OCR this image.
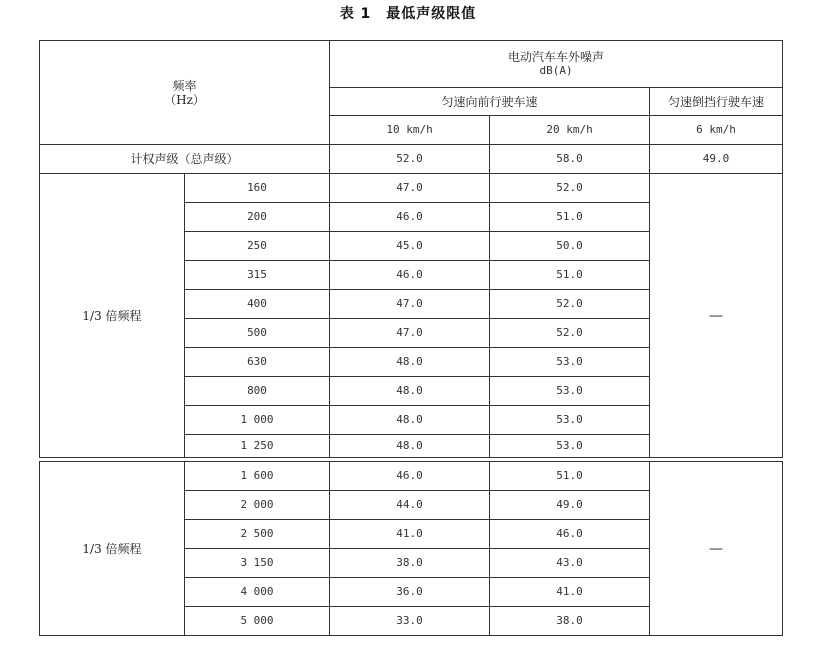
表 1　最低声级限值
频率
（Hz）		电动汽车车外噪声
dB(A)		

		匀速向前行驶车速		匀速倒挡行驶车速
		10 km/h	20 km/h	6 km/h
计权声级（总声级）		52.0	58.0	49.0
1/3 倍频程	160	47.0	52.0	—
	200	46.0	51.0	
	250	45.0	50.0	
	315	46.0	51.0	
	400	47.0	52.0	
	500	47.0	52.0	
	630	48.0	53.0	
	800	48.0	53.0	
	1 000	48.0	53.0	
	1 250	48.0	53.0	
1/3 倍频程	1 600	46.0	51.0	—
	2 000	44.0	49.0	
	2 500	41.0	46.0	
	3 150	38.0	43.0	
	4 000	36.0	41.0	
	5 000	33.0	38.0	
